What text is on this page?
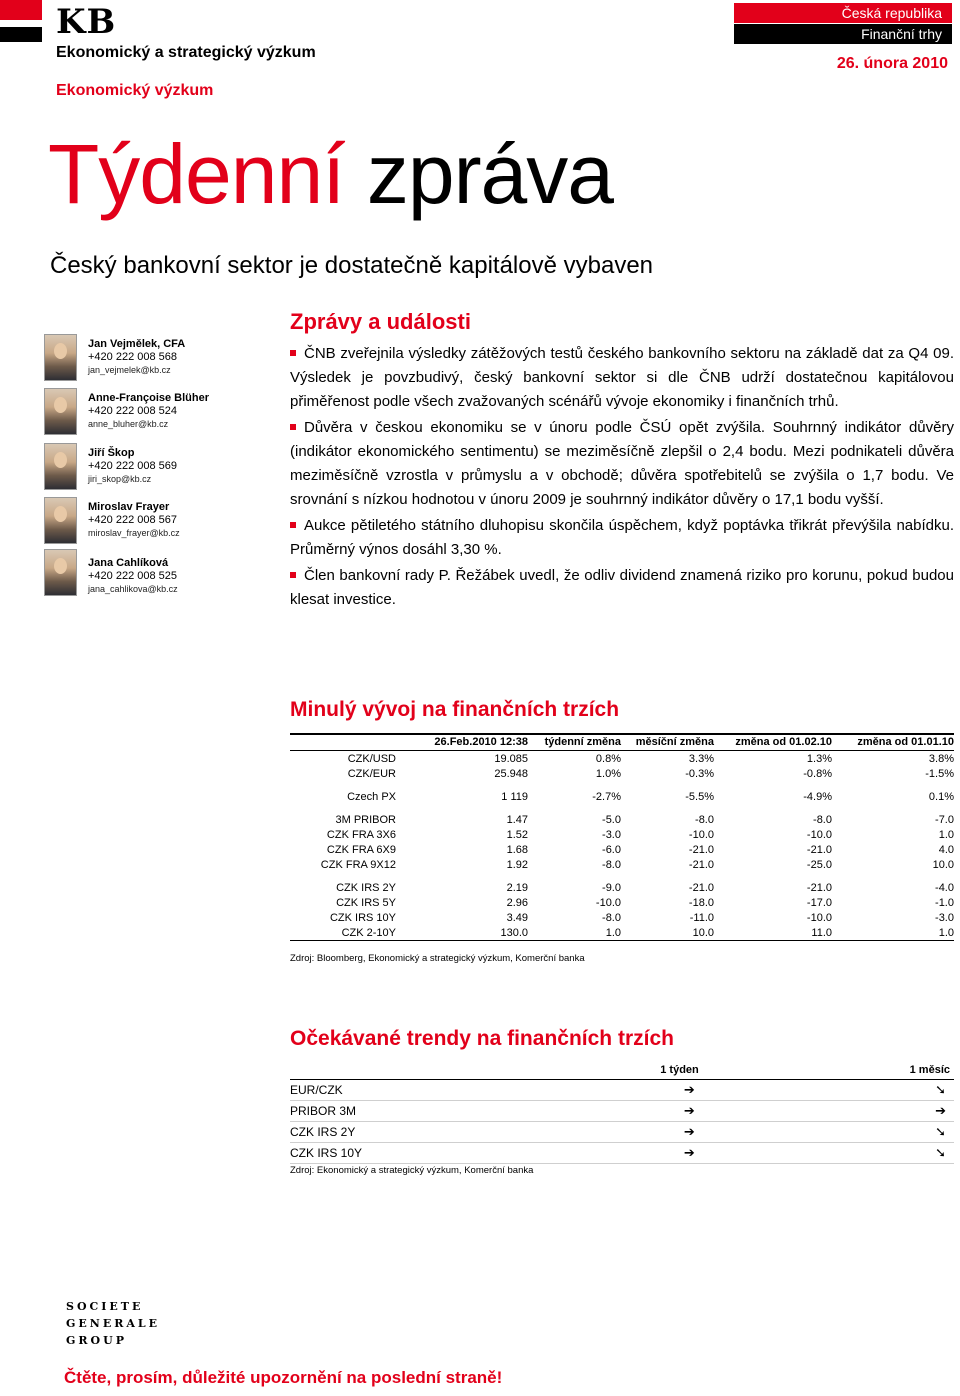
KB
Ekonomický a strategický výzkum
Ekonomický výzkum
Česká republika
Finanční trhy
26. února 2010
Týdenní zpráva
Český bankovní sektor je dostatečně kapitálově vybaven
Jan Vejmělek, CFA
+420 222 008 568
jan_vejmelek@kb.cz
Anne-Françoise Blüher
+420 222 008 524
anne_bluher@kb.cz
Jiří Škop
+420 222 008 569
jiri_skop@kb.cz
Miroslav Frayer
+420 222 008 567
miroslav_frayer@kb.cz
Jana Cahlíková
+420 222 008 525
jana_cahlikova@kb.cz
Zprávy a události

ČNB zveřejnila výsledky zátěžových testů českého bankovního sektoru na základě dat za Q4 09. Výsledek je povzbudivý, český bankovní sektor si dle ČNB udrží dostatečnou kapitálovou přiměřenost podle všech zvažovaných scénářů vývoje ekonomiky i finančních trhů.

Důvěra v českou ekonomiku se v únoru podle ČSÚ opět zvýšila. Souhrnný indikátor důvěry (indikátor ekonomického sentimentu) se meziměsíčně zlepšil o 2,4 bodu. Mezi podnikateli důvěra meziměsíčně vzrostla v průmyslu a v obchodě; důvěra spotřebitelů se zvýšila o 1,7 bodu. Ve srovnání s nízkou hodnotou v únoru 2009 je souhrnný indikátor důvěry o 17,1 bodu vyšší.

Aukce pětiletého státního dluhopisu skončila úspěchem, když poptávka třikrát převýšila nabídku. Průměrný výnos dosáhl 3,30 %.

Člen bankovní rady P. Řežábek uvedl, že odliv dividend znamená riziko pro korunu, pokud budou klesat investice.

Minulý vývoj na finančních trzích
	26.Feb.2010 12:38	týdenní změna	měsíční změna	změna od 01.02.10	změna od 01.01.10
CZK/USD	19.085	0.8%	3.3%	1.3%	3.8%
CZK/EUR	25.948	1.0%	-0.3%	-0.8%	-1.5%

Czech PX	1 119	-2.7%	-5.5%	-4.9%	0.1%

3M PRIBOR	1.47	-5.0	-8.0	-8.0	-7.0
CZK FRA 3X6	1.52	-3.0	-10.0	-10.0	1.0
CZK FRA 6X9	1.68	-6.0	-21.0	-21.0	4.0
CZK FRA 9X12	1.92	-8.0	-21.0	-25.0	10.0

CZK IRS 2Y	2.19	-9.0	-21.0	-21.0	-4.0
CZK IRS 5Y	2.96	-10.0	-18.0	-17.0	-1.0
CZK IRS 10Y	3.49	-8.0	-11.0	-10.0	-3.0
CZK 2-10Y	130.0	1.0	10.0	11.0	1.0
Zdroj: Bloomberg, Ekonomický a strategický výzkum, Komerční banka
Očekávané trendy na finančních trzích
	1 týden	1 měsíc
EUR/CZK	➔	➘
PRIBOR 3M	➔	➔
CZK IRS 2Y	➔	➘
CZK IRS 10Y	➔	➘
Zdroj: Ekonomický a strategický výzkum, Komerční banka
SOCIETE
GENERALE
GROUP
Čtěte, prosím, důležité upozornění na poslední straně!
